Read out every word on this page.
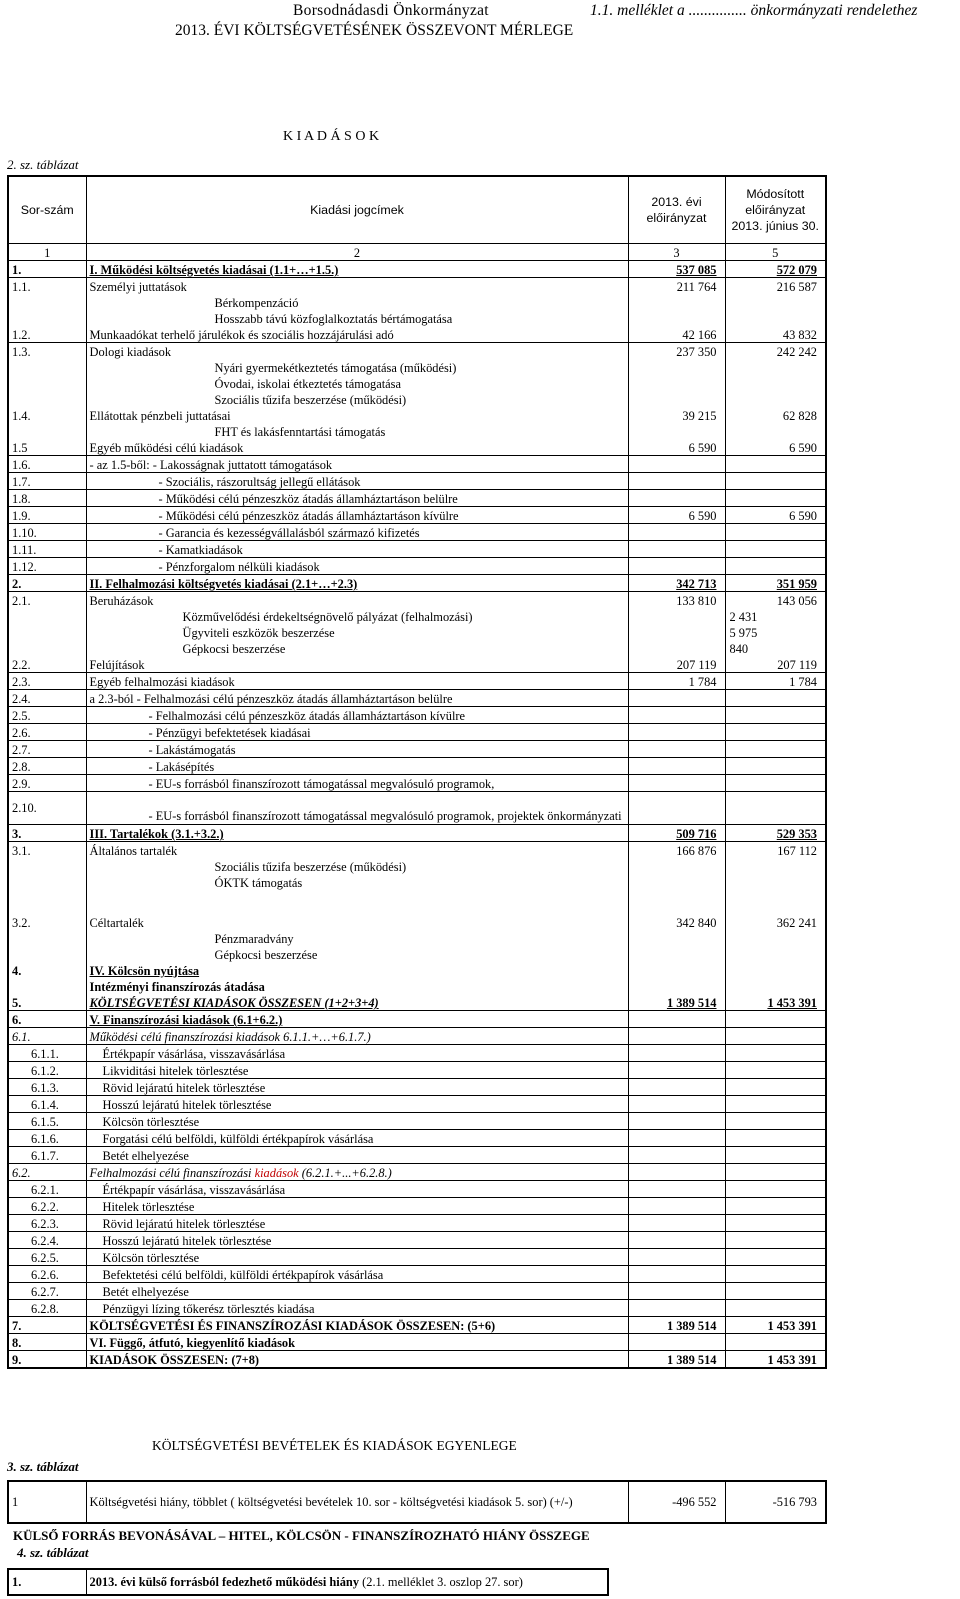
Borsodnádasdi Önkormányzat	1.1. melléklet a ............... önkormányzati rendelethez
2013. ÉVI KÖLTSÉGVETÉSÉNEK ÖSSZEVONT MÉRLEGE
K I A D Á S O K
2. sz. táblázat
Sor-szám	Kiadási jogcímek	2013. évi előirányzat	Módosított előirányzat 2013. június 30.
1	2	3	5
1.	I. Működési költségvetés kiadásai (1.1+…+1.5.)	537 085	572 079
1.1.	Személyi juttatások	211 764	216 587
	Bérkompenzáció		
	Hosszabb távú közfoglalkoztatás bértámogatása		
1.2.	Munkaadókat terhelő járulékok és szociális hozzájárulási adó	42 166	43 832
1.3.	Dologi kiadások	237 350	242 242
	Nyári gyermekétkeztetés támogatása (működési)		
	Óvodai, iskolai étkeztetés támogatása		
	Szociális tűzifa beszerzése (működési)		
1.4.	Ellátottak pénzbeli juttatásai	39 215	62 828
	FHT és lakásfenntartási támogatás		
1.5	Egyéb működési célú kiadások	6 590	6 590
1.6.	- az 1.5-ből: - Lakosságnak juttatott támogatások		
1.7.	- Szociális, rászorultság jellegű ellátások		
1.8.	- Működési célú pénzeszköz átadás államháztartáson belülre		
1.9.	- Működési célú pénzeszköz átadás államháztartáson kívülre	6 590	6 590
1.10.	- Garancia és kezességvállalásból származó kifizetés		
1.11.	- Kamatkiadások		
1.12.	- Pénzforgalom nélküli kiadások		
2.	II. Felhalmozási költségvetés kiadásai (2.1+…+2.3)	342 713	351 959
2.1.	Beruházások	133 810	143 056
	Közművelődési érdekeltségnövelő pályázat (felhalmozási)		2 431
	Ügyviteli eszközök beszerzése		5 975
	Gépkocsi beszerzése		840
2.2.	Felújítások	207 119	207 119
2.3.	Egyéb felhalmozási kiadások	1 784	1 784
2.4.	a 2.3-ból - Felhalmozási célú pénzeszköz átadás államháztartáson belülre		
2.5.	- Felhalmozási célú pénzeszköz átadás államháztartáson kívülre		
2.6.	- Pénzügyi befektetések kiadásai		
2.7.	- Lakástámogatás		
2.8.	- Lakásépítés		
2.9.	- EU-s forrásból finanszírozott támogatással megvalósuló programok,		
2.10.	- EU-s forrásból finanszírozott támogatással megvalósuló programok, projektek önkormányzati		
3.	III. Tartalékok (3.1.+3.2.)	509 716	529 353
3.1.	Általános tartalék	166 876	167 112
	Szociális tűzifa beszerzése (működési)		
	ÓKTK támogatás		

3.2.	Céltartalék	342 840	362 241
	Pénzmaradvány		
	Gépkocsi beszerzése		
4.	IV. Kölcsön nyújtása		
	Intézményi finanszírozás átadása		
5.	KÖLTSÉGVETÉSI KIADÁSOK ÖSSZESEN (1+2+3+4)	1 389 514	1 453 391
6.	V. Finanszírozási kiadások (6.1+6.2.)		
6.1.	Működési célú finanszírozási kiadások 6.1.1.+…+6.1.7.)		
6.1.1.	Értékpapír vásárlása, visszavásárlása		
6.1.2.	Likviditási hitelek törlesztése		
6.1.3.	Rövid lejáratú hitelek törlesztése		
6.1.4.	Hosszú lejáratú hitelek törlesztése		
6.1.5.	Kölcsön törlesztése		
6.1.6.	Forgatási célú belföldi, külföldi értékpapírok vásárlása		
6.1.7.	Betét elhelyezése		
6.2.	Felhalmozási célú finanszírozási kiadások (6.2.1.+...+6.2.8.)		
6.2.1.	Értékpapír vásárlása, visszavásárlása		
6.2.2.	Hitelek törlesztése		
6.2.3.	Rövid lejáratú hitelek törlesztése		
6.2.4.	Hosszú lejáratú hitelek törlesztése		
6.2.5.	Kölcsön törlesztése		
6.2.6.	Befektetési célú belföldi, külföldi értékpapírok vásárlása		
6.2.7.	Betét elhelyezése		
6.2.8.	Pénzügyi lízing tőkerész törlesztés kiadása		
7.	KÖLTSÉGVETÉSI ÉS FINANSZÍROZÁSI KIADÁSOK ÖSSZESEN: (5+6)	1 389 514	1 453 391
8.	VI. Függő, átfutó, kiegyenlítő kiadások		
9.	KIADÁSOK ÖSSZESEN: (7+8)	1 389 514	1 453 391
KÖLTSÉGVETÉSI BEVÉTELEK ÉS KIADÁSOK EGYENLEGE
3. sz. táblázat
1	Költségvetési hiány, többlet ( költségvetési bevételek 10. sor - költségvetési kiadások 5. sor) (+/-)	-496 552	-516 793
KÜLSŐ FORRÁS BEVONÁSÁVAL – HITEL, KÖLCSÖN - FINANSZÍROZHATÓ HIÁNY ÖSSZEGE
4. sz. táblázat
1.	2013. évi külső forrásból fedezhető működési hiány (2.1. melléklet 3. oszlop 27. sor)
